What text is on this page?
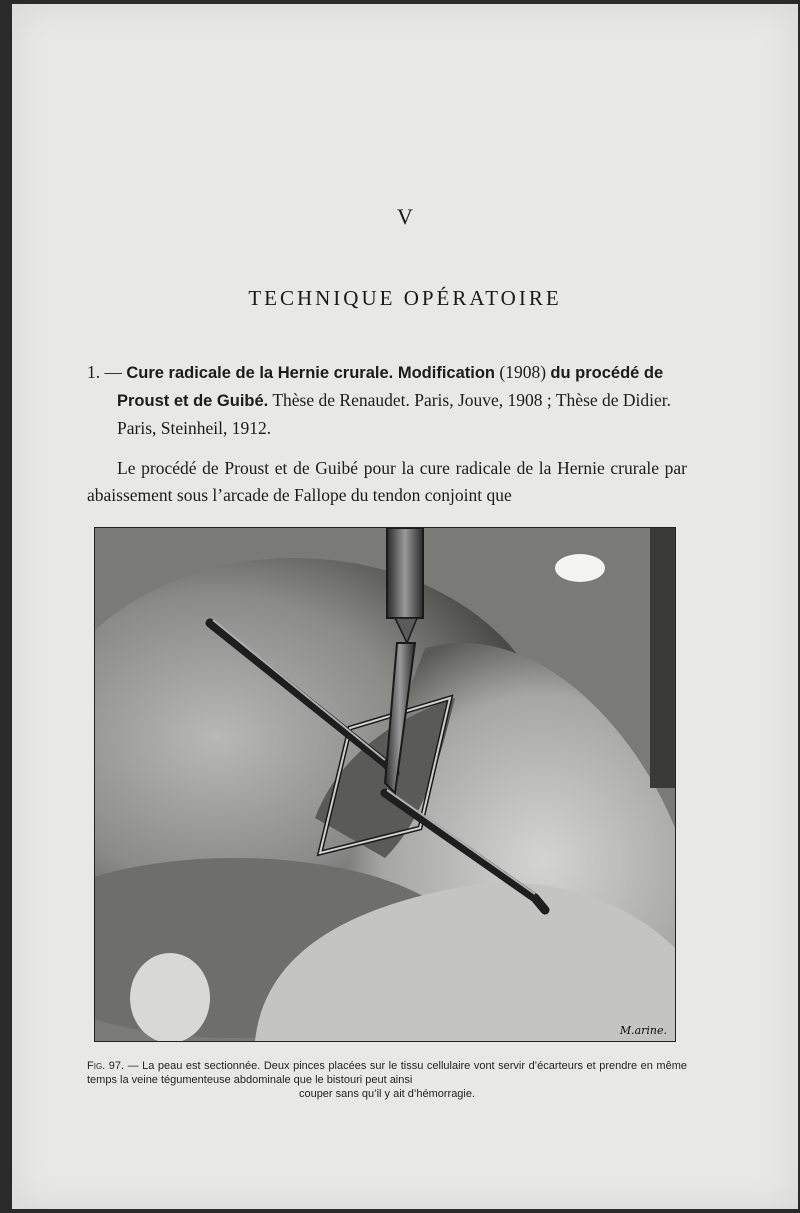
V
TECHNIQUE OPÉRATOIRE
1. — Cure radicale de la Hernie crurale. Modification (1908) du procédé de Proust et de Guibé. Thèse de Renaudet. Paris, Jouve, 1908 ; Thèse de Didier. Paris, Steinheil, 1912.
Le procédé de Proust et de Guibé pour la cure radicale de la Hernie crurale par abaissement sous l’arcade de Fallope du tendon conjoint que
M.arine.
Fig. 97. — La peau est sectionnée. Deux pinces placées sur le tissu cellulaire vont servir d’écarteurs et prendre en même temps la veine tégumenteuse abdominale que le bistouri peut ainsi
couper sans qu’il y ait d’hémorragie.
